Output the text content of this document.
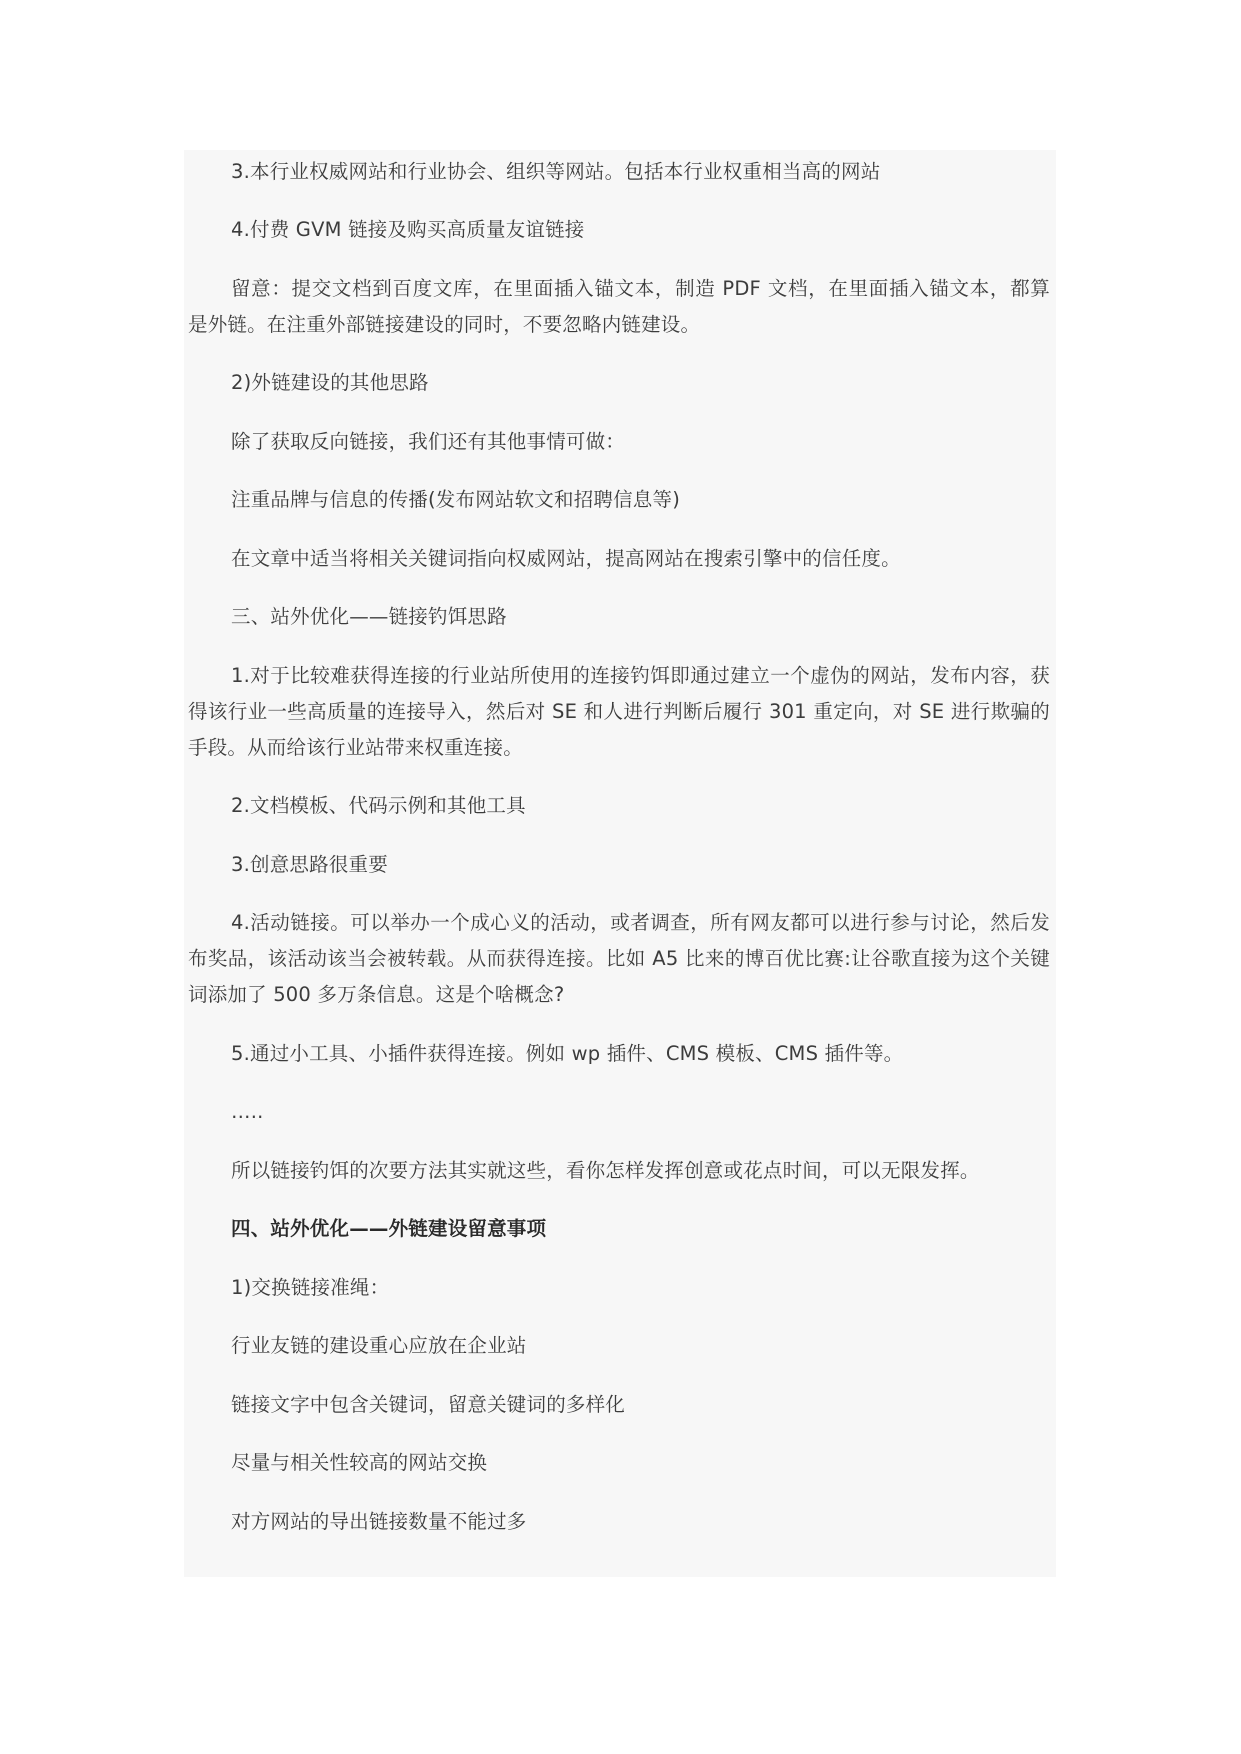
3.本行业权威网站和行业协会、组织等网站。包括本行业权重相当高的网站

4.付费 GVM 链接及购买高质量友谊链接

留意：提交文档到百度文库，在里面插入锚文本，制造 PDF 文档，在里面插入锚文本，都算是外链。在注重外部链接建设的同时，不要忽略内链建设。

2)外链建设的其他思路

除了获取反向链接，我们还有其他事情可做：

注重品牌与信息的传播(发布网站软文和招聘信息等)

在文章中适当将相关关键词指向权威网站，提高网站在搜索引擎中的信任度。

三、站外优化——链接钓饵思路

1.对于比较难获得连接的行业站所使用的连接钓饵即通过建立一个虚伪的网站，发布内容，获得该行业一些高质量的连接导入，然后对 SE 和人进行判断后履行 301 重定向，对 SE 进行欺骗的手段。从而给该行业站带来权重连接。

2.文档模板、代码示例和其他工具

3.创意思路很重要

4.活动链接。可以举办一个成心义的活动，或者调查，所有网友都可以进行参与讨论，然后发布奖品，该活动该当会被转载。从而获得连接。比如 A5 比来的博百优比赛:让谷歌直接为这个关键词添加了 500 多万条信息。这是个啥概念?

5.通过小工具、小插件获得连接。例如 wp 插件、CMS 模板、CMS 插件等。

…..

所以链接钓饵的次要方法其实就这些，看你怎样发挥创意或花点时间，可以无限发挥。

四、站外优化——外链建设留意事项

1)交换链接准绳：

行业友链的建设重心应放在企业站

链接文字中包含关键词，留意关键词的多样化

尽量与相关性较高的网站交换

对方网站的导出链接数量不能过多
